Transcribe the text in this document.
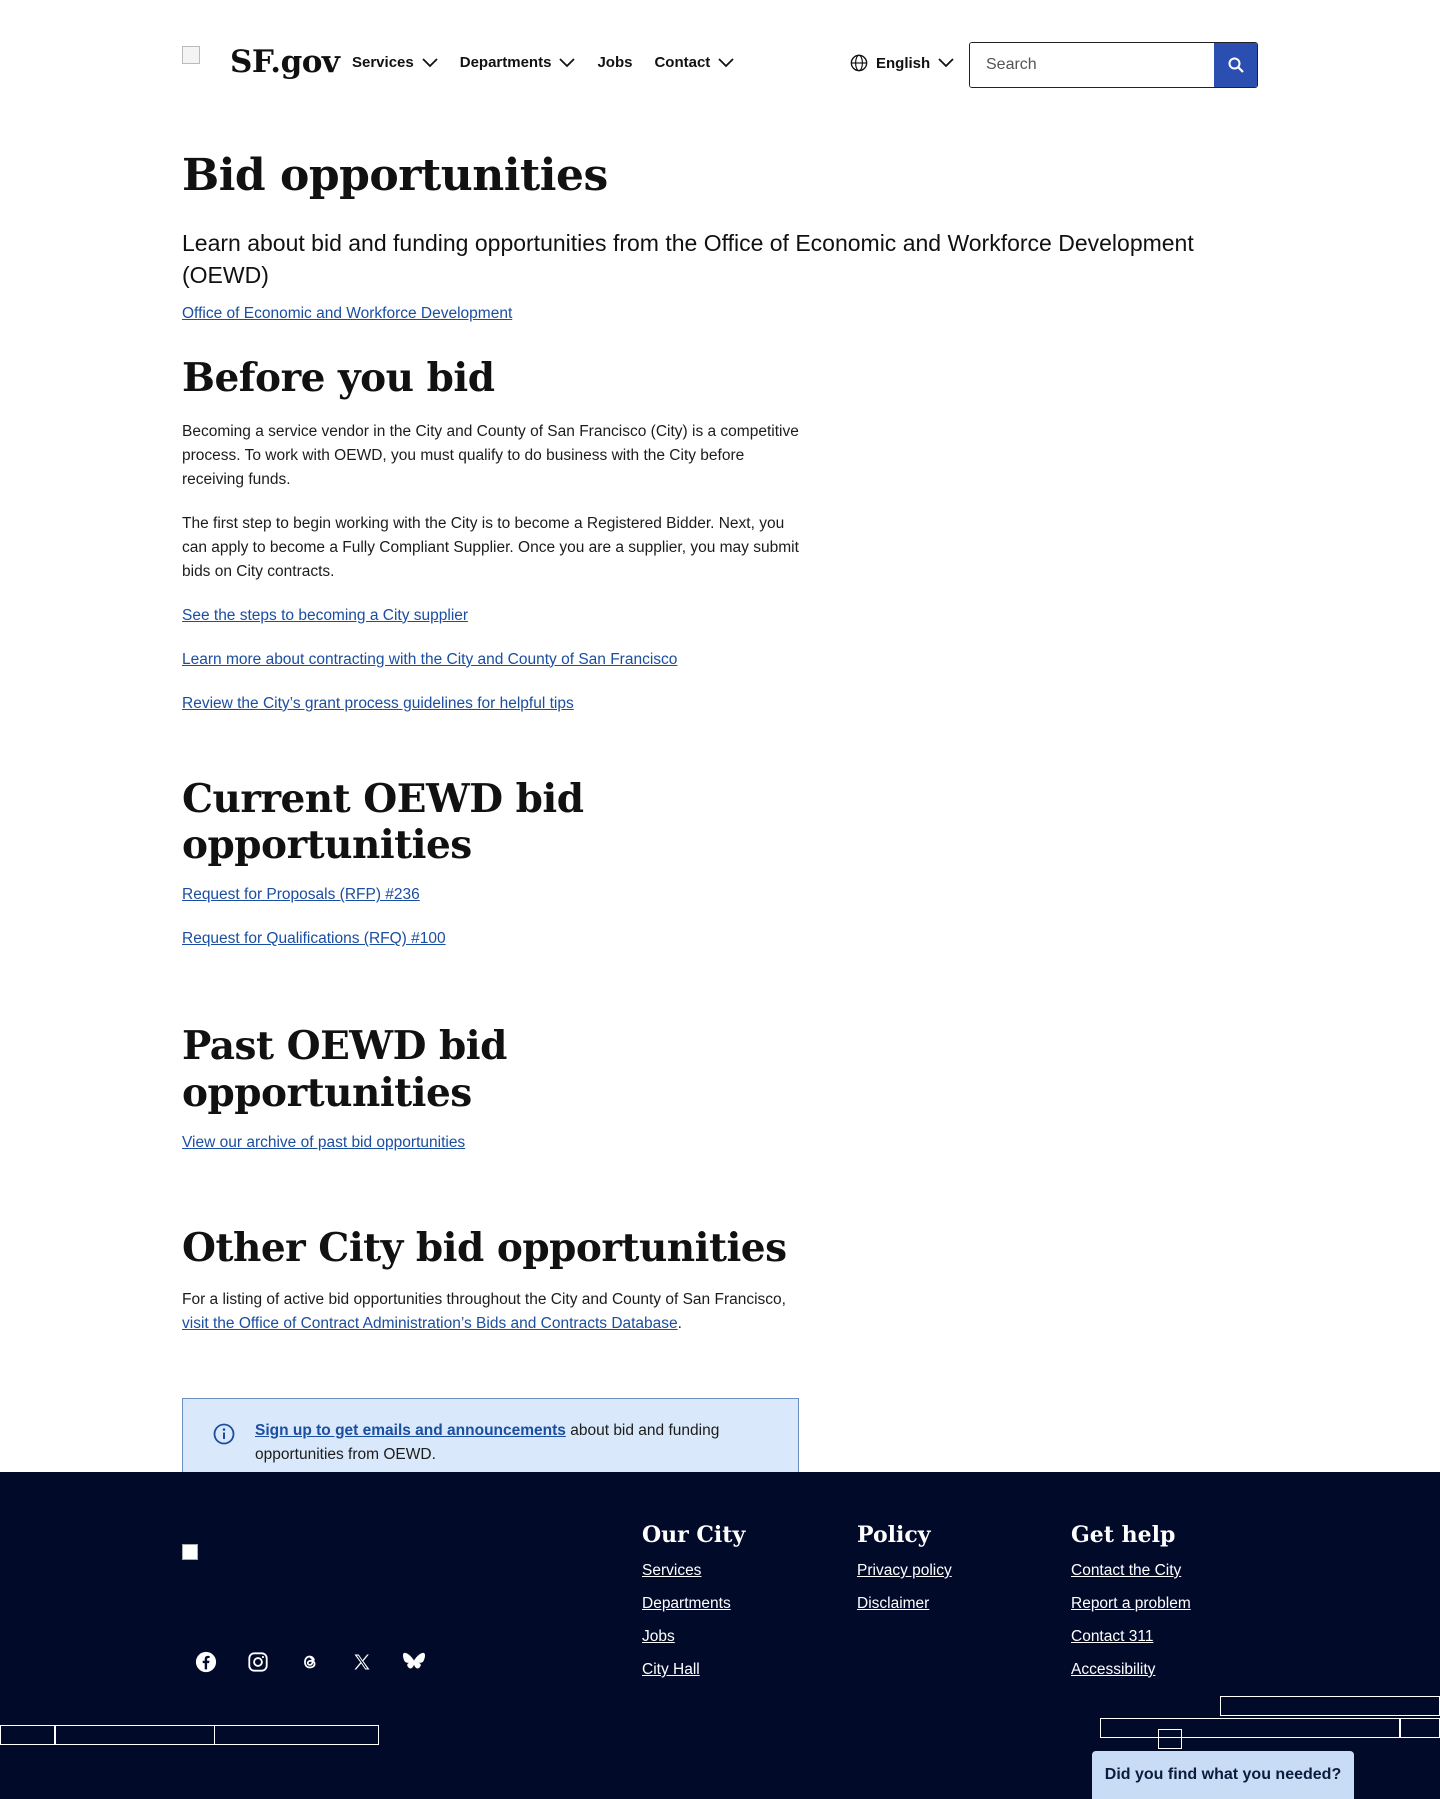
SF.gov Services	Departments	Jobs Contact	English
Search
Bid opportunities
Learn about bid and funding opportunities from the Office of Economic and Workforce Development (OEWD)
Office of Economic and Workforce Development
Before you bid

Becoming a service vendor in the City and County of San Francisco (City) is a competitive process. To work with OEWD, you must qualify to do business with the City before receiving funds.

The first step to begin working with the City is to become a Registered Bidder. Next, you can apply to become a Fully Compliant Supplier. Once you are a supplier, you may submit bids on City contracts.

See the steps to becoming a City supplier
Learn more about contracting with the City and County of San Francisco
Review the City’s grant process guidelines for helpful tips
Current OEWD bid opportunities
Request for Proposals (RFP) #236
Request for Qualifications (RFQ) #100
Past OEWD bid opportunities
View our archive of past bid opportunities
Other City bid opportunities

For a listing of active bid opportunities throughout the City and County of San Francisco, visit the Office of Contract Administration’s Bids and Contracts Database.

Sign up to get emails and announcements about bid and funding opportunities from OEWD.
Our City
Services
Departments
Jobs
City Hall
Policy
Privacy policy
Disclaimer
Get help
Contact the City
Report a problem
Contact 311
Accessibility
Did you find what you needed?
